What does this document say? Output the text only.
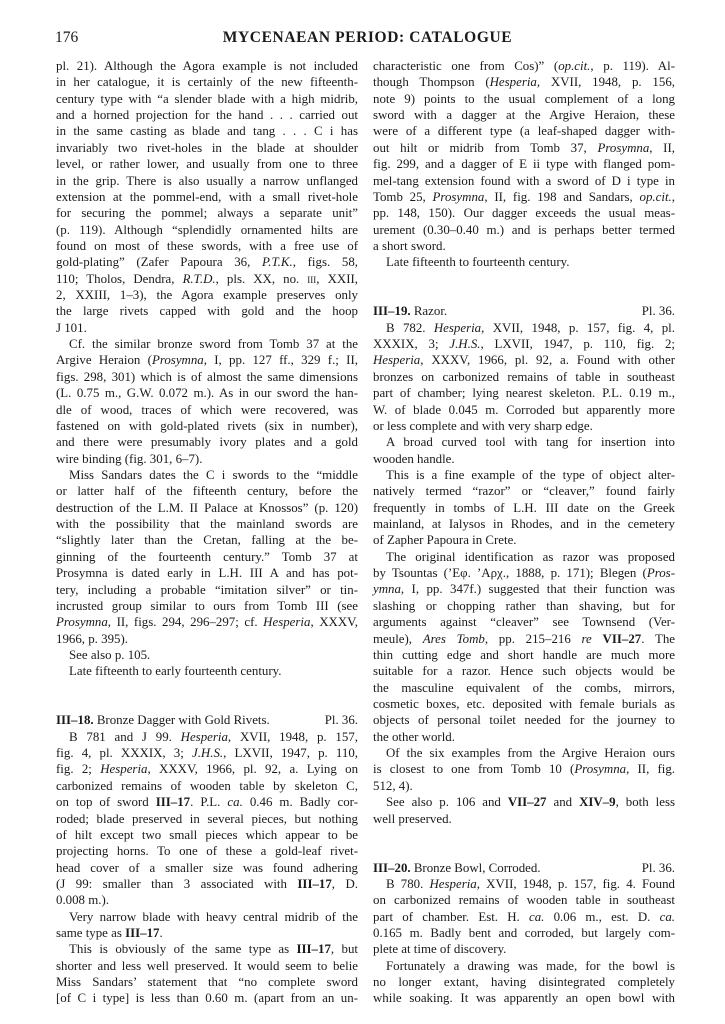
176	MYCENAEAN PERIOD: CATALOGUE
pl. 21). Although the Agora example is not included
in her catalogue, it is certainly of the new fifteenth-
century type with “a slender blade with a high midrib,
and a horned projection for the hand . . . carried out
in the same casting as blade and tang . . . C i has
invariably two rivet-holes in the blade at shoulder
level, or rather lower, and usually from one to three
in the grip. There is also usually a narrow unflanged
extension at the pommel-end, with a small rivet-hole
for securing the pommel; always a separate unit”
(p. 119). Although “splendidly ornamented hilts are
found on most of these swords, with a free use of
gold-plating” (Zafer Papoura 36, P.T.K., figs. 58,
110; Tholos, Dendra, R.T.D., pls. XX, no. iii, XXII,
2, XXIII, 1–3), the Agora example preserves only
the large rivets capped with gold and the hoop
J 101.
Cf. the similar bronze sword from Tomb 37 at the
Argive Heraion (Prosymna, I, pp. 127 ff., 329 f.; II,
figs. 298, 301) which is of almost the same dimensions
(L. 0.75 m., G.W. 0.072 m.). As in our sword the han-
dle of wood, traces of which were recovered, was
fastened on with gold-plated rivets (six in number),
and there were presumably ivory plates and a gold
wire binding (fig. 301, 6–7).
Miss Sandars dates the C i swords to the “middle
or latter half of the fifteenth century, before the
destruction of the L.M. II Palace at Knossos” (p. 120)
with the possibility that the mainland swords are
“slightly later than the Cretan, falling at the be-
ginning of the fourteenth century.” Tomb 37 at
Prosymna is dated early in L.H. III A and has pot-
tery, including a probable “imitation silver” or tin-
incrusted group similar to ours from Tomb III (see
Prosymna, II, figs. 294, 296–297; cf. Hesperia, XXXV,
1966, p. 395).
See also p. 105.
Late fifteenth to early fourteenth century.
III–18. Bronze Dagger with Gold Rivets.	Pl. 36.
B 781 and J 99. Hesperia, XVII, 1948, p. 157,
fig. 4, pl. XXXIX, 3; J.H.S., LXVII, 1947, p. 110,
fig. 2; Hesperia, XXXV, 1966, pl. 92, a. Lying on
carbonized remains of wooden table by skeleton C,
on top of sword III–17. P.L. ca. 0.46 m. Badly cor-
roded; blade preserved in several pieces, but nothing
of hilt except two small pieces which appear to be
projecting horns. To one of these a gold-leaf rivet-
head cover of a smaller size was found adhering
(J 99: smaller than 3 associated with III–17, D.
0.008 m.).
Very narrow blade with heavy central midrib of the
same type as III–17.
This is obviously of the same type as III–17, but
shorter and less well preserved. It would seem to belie
Miss Sandars’ statement that “no complete sword
[of C i type] is less than 0.60 m. (apart from an un-
characteristic one from Cos)” (op.cit., p. 119). Al-
though Thompson (Hesperia, XVII, 1948, p. 156,
note 9) points to the usual complement of a long
sword with a dagger at the Argive Heraion, these
were of a different type (a leaf-shaped dagger with-
out hilt or midrib from Tomb 37, Prosymna, II,
fig. 299, and a dagger of E ii type with flanged pom-
mel-tang extension found with a sword of D i type in
Tomb 25, Prosymna, II, fig. 198 and Sandars, op.cit.,
pp. 148, 150). Our dagger exceeds the usual meas-
urement (0.30–0.40 m.) and is perhaps better termed
a short sword.
Late fifteenth to fourteenth century.
III–19. Razor.	Pl. 36.
B 782. Hesperia, XVII, 1948, p. 157, fig. 4, pl.
XXXIX, 3; J.H.S., LXVII, 1947, p. 110, fig. 2;
Hesperia, XXXV, 1966, pl. 92, a. Found with other
bronzes on carbonized remains of table in southeast
part of chamber; lying nearest skeleton. P.L. 0.19 m.,
W. of blade 0.045 m. Corroded but apparently more
or less complete and with very sharp edge.
A broad curved tool with tang for insertion into
wooden handle.
This is a fine example of the type of object alter-
natively termed “razor” or “cleaver,” found fairly
frequently in tombs of L.H. III date on the Greek
mainland, at Ialysos in Rhodes, and in the cemetery
of Zapher Papoura in Crete.
The original identification as razor was proposed
by Tsountas (’Εφ. ’Αρχ., 1888, p. 171); Blegen (Pros-
ymna, I, pp. 347f.) suggested that their function was
slashing or chopping rather than shaving, but for
arguments against “cleaver” see Townsend (Ver-
meule), Ares Tomb, pp. 215–216 re VII–27. The
thin cutting edge and short handle are much more
suitable for a razor. Hence such objects would be
the masculine equivalent of the combs, mirrors,
cosmetic boxes, etc. deposited with female burials as
objects of personal toilet needed for the journey to
the other world.
Of the six examples from the Argive Heraion ours
is closest to one from Tomb 10 (Prosymna, II, fig.
512, 4).
See also p. 106 and VII–27 and XIV–9, both less
well preserved.
III–20. Bronze Bowl, Corroded.	Pl. 36.
B 780. Hesperia, XVII, 1948, p. 157, fig. 4. Found
on carbonized remains of wooden table in southeast
part of chamber. Est. H. ca. 0.06 m., est. D. ca.
0.165 m. Badly bent and corroded, but largely com-
plete at time of discovery.
Fortunately a drawing was made, for the bowl is
no longer extant, having disintegrated completely
while soaking. It was apparently an open bowl with
